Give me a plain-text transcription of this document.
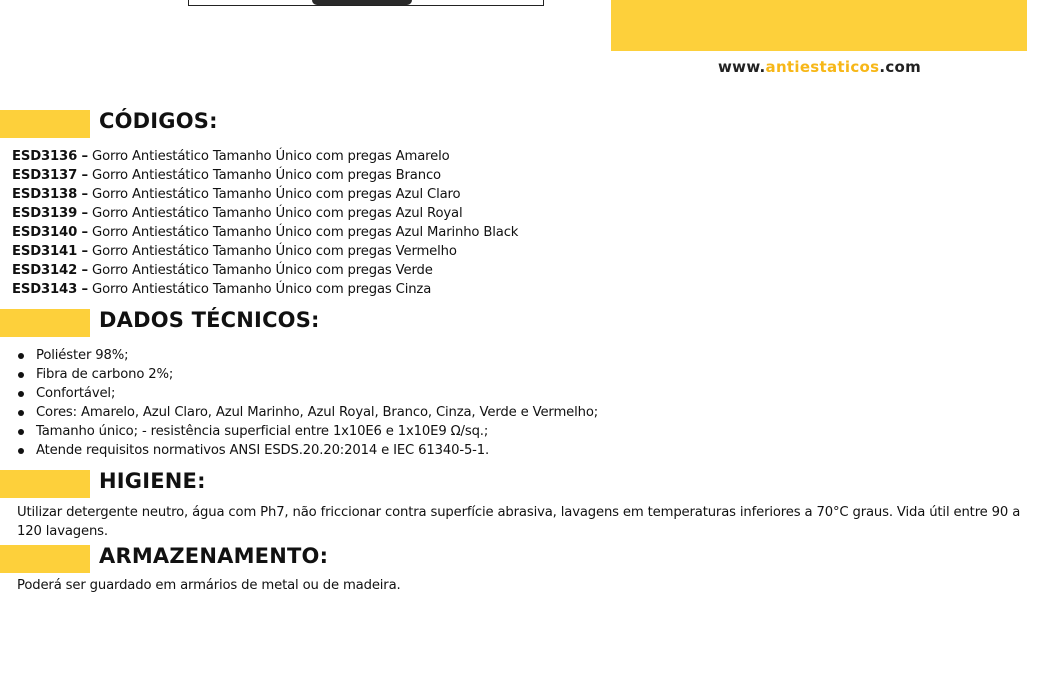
www.antiestaticos.com
CÓDIGOS:
ESD3136 – Gorro Antiestático Tamanho Único com pregas Amarelo
ESD3137 – Gorro Antiestático Tamanho Único com pregas Branco
ESD3138 – Gorro Antiestático Tamanho Único com pregas Azul Claro
ESD3139 – Gorro Antiestático Tamanho Único com pregas Azul Royal
ESD3140 – Gorro Antiestático Tamanho Único com pregas Azul Marinho Black
ESD3141 – Gorro Antiestático Tamanho Único com pregas Vermelho
ESD3142 – Gorro Antiestático Tamanho Único com pregas Verde
ESD3143 – Gorro Antiestático Tamanho Único com pregas Cinza
DADOS TÉCNICOS:
Poliéster 98%;
Fibra de carbono 2%;
Confortável;
Cores: Amarelo, Azul Claro, Azul Marinho, Azul Royal, Branco, Cinza, Verde e Vermelho;
Tamanho único; - resistência superficial entre 1x10E6 e 1x10E9 Ω/sq.;
Atende requisitos normativos ANSI ESDS.20.20:2014 e IEC 61340-5-1.
HIGIENE:

Utilizar detergente neutro, água com Ph7, não friccionar contra superfície abrasiva, lavagens em temperaturas inferiores a 70°C graus. Vida útil entre 90 a 120 lavagens.

ARMAZENAMENTO:

Poderá ser guardado em armários de metal ou de madeira.
